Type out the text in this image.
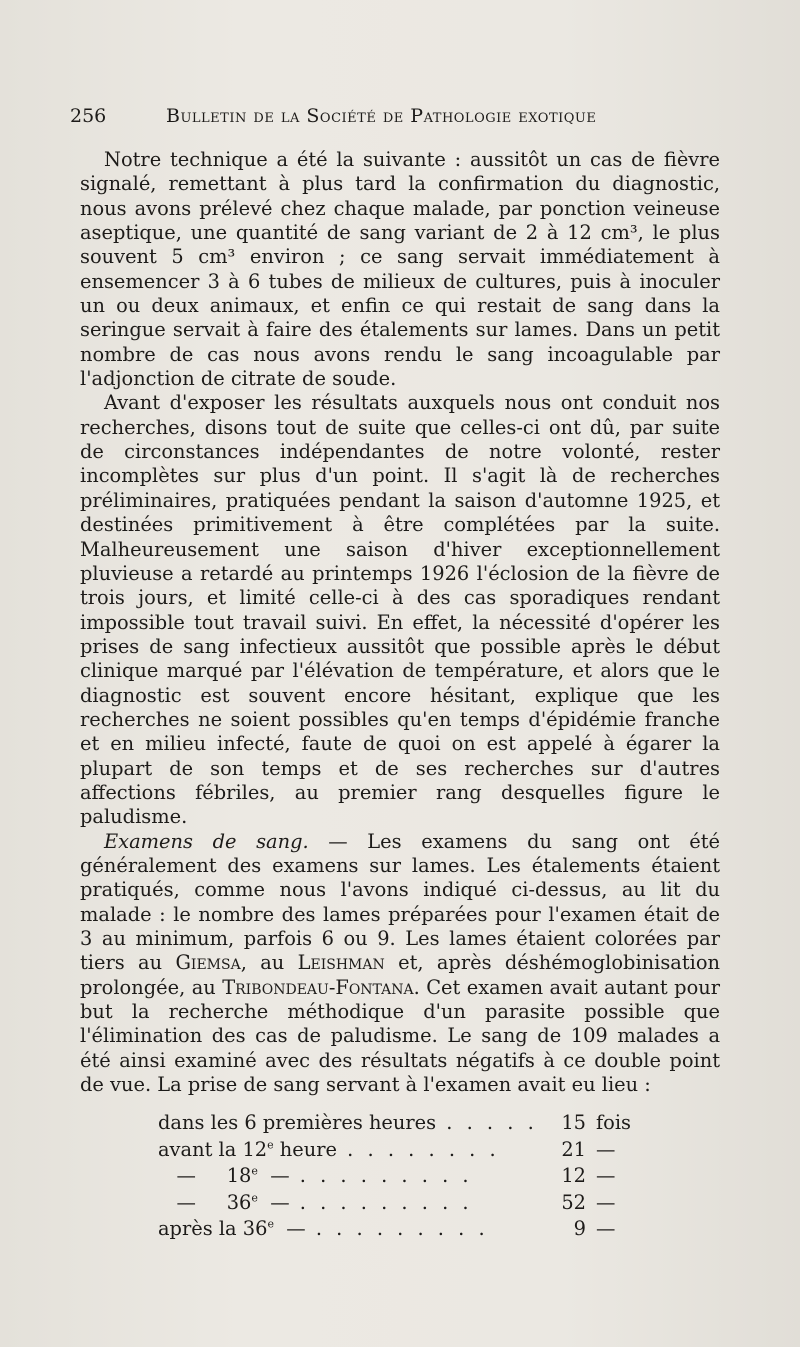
256	Bulletin de la Société de Pathologie exotique

Notre technique a été la suivante : aussitôt un cas de fièvre signalé, remettant à plus tard la confirmation du diagnostic, nous avons prélevé chez chaque malade, par ponction veineuse aseptique, une quantité de sang variant de 2 à 12 cm³, le plus souvent 5 cm³ environ ; ce sang servait immédiatement à ensemencer 3 à 6 tubes de milieux de cultures, puis à inoculer un ou deux animaux, et enfin ce qui restait de sang dans la seringue servait à faire des étalements sur lames. Dans un petit nombre de cas nous avons rendu le sang incoagulable par l'adjonction de citrate de soude.

Avant d'exposer les résultats auxquels nous ont conduit nos recherches, disons tout de suite que celles-ci ont dû, par suite de circonstances indépendantes de notre volonté, rester incomplètes sur plus d'un point. Il s'agit là de recherches préliminaires, pratiquées pendant la saison d'automne 1925, et destinées primitivement à être complétées par la suite. Malheureusement une saison d'hiver exceptionnellement pluvieuse a retardé au printemps 1926 l'éclosion de la fièvre de trois jours, et limité celle-ci à des cas sporadiques rendant impossible tout travail suivi. En effet, la nécessité d'opérer les prises de sang infectieux aussitôt que possible après le début clinique marqué par l'élévation de température, et alors que le diagnostic est souvent encore hésitant, explique que les recherches ne soient possibles qu'en temps d'épidémie franche et en milieu infecté, faute de quoi on est appelé à égarer la plupart de son temps et de ses recherches sur d'autres affections fébriles, au premier rang desquelles figure le paludisme.

Examens de sang. — Les examens du sang ont été généralement des examens sur lames. Les étalements étaient pratiqués, comme nous l'avons indiqué ci-dessus, au lit du malade : le nombre des lames préparées pour l'examen était de 3 au minimum, parfois 6 ou 9. Les lames étaient colorées par tiers au Giemsa, au Leishman et, après déshémoglobinisation prolongée, au Tribondeau-Fontana. Cet examen avait autant pour but la recherche méthodique d'un parasite possible que l'élimination des cas de paludisme. Le sang de 109 malades a été ainsi examiné avec des résultats négatifs à ce double point de vue. La prise de sang servant à l'examen avait eu lieu :

dans les 6 premières heures . . . . .	15 fois
avant la 12e heure . . . . . . . .	21 —
—     18e  — . . . . . . . . .	12 —
—     36e  — . . . . . . . . .	52 —
après la 36e  — . . . . . . . . .	9 —
